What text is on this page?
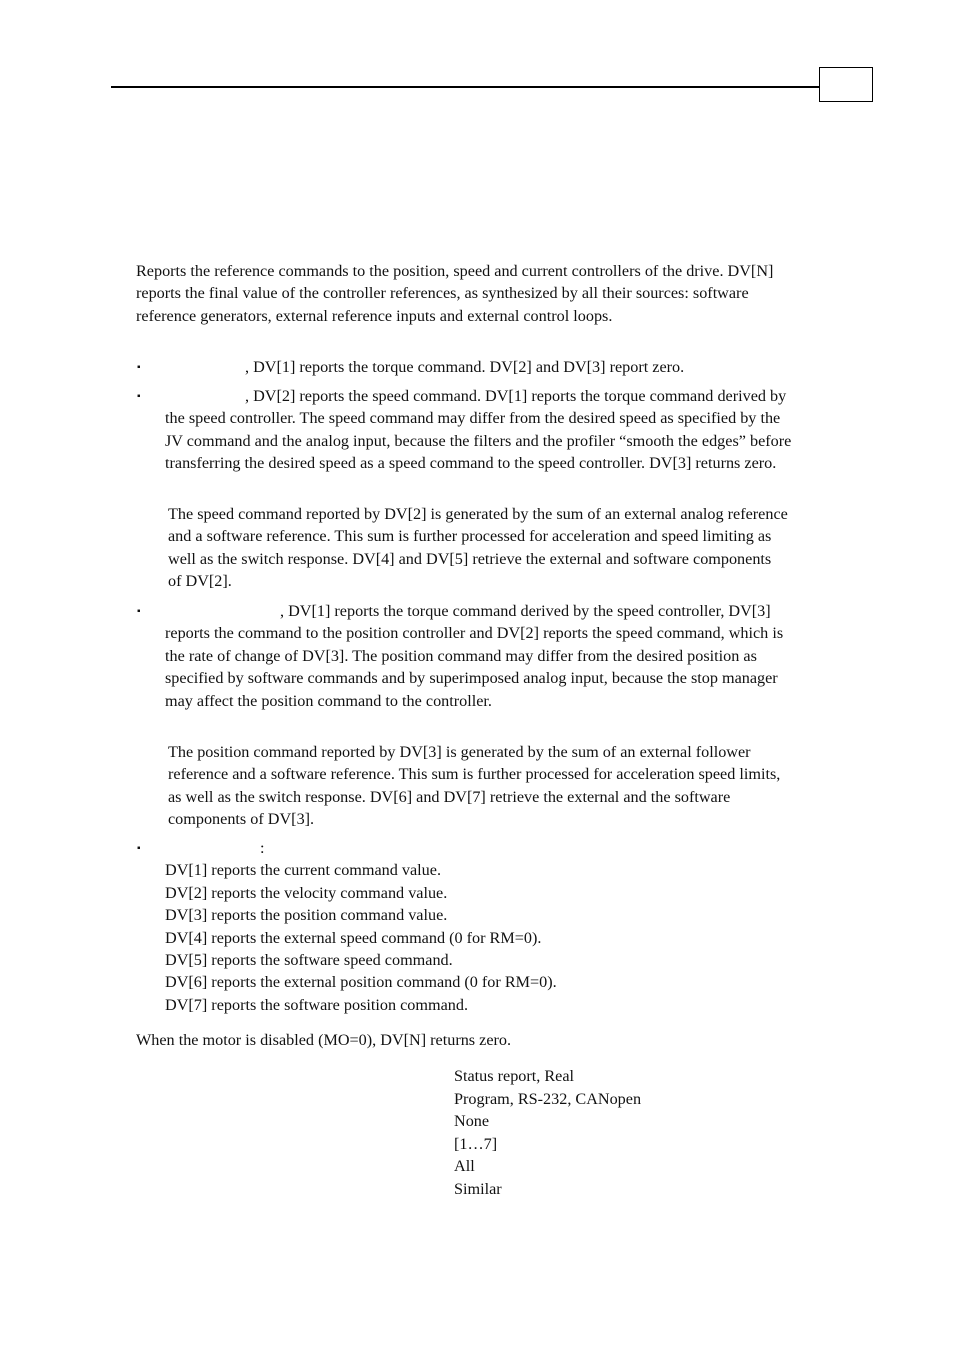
Reports the reference commands to the position, speed and current controllers of the drive. DV[N] reports the final value of the controller references, as synthesized by all their sources: software reference generators, external reference inputs and external control loops.

▪	, DV[1] reports the torque command. DV[2] and DV[3] report zero.

▪	, DV[2] reports the speed command. DV[1] reports the torque command derived by the speed controller. The speed command may differ from the desired speed as specified by the JV command and the analog input, because the filters and the profiler “smooth the edges” before transferring the desired speed as a speed command to the speed controller. DV[3] returns zero.

The speed command reported by DV[2] is generated by the sum of an external analog reference and a software reference. This sum is further processed for acceleration and speed limiting as well as the switch response. DV[4] and DV[5] retrieve the external and software components of DV[2].

▪	, DV[1] reports the torque command derived by the speed controller, DV[3] reports the command to the position controller and DV[2] reports the speed command, which is the rate of change of DV[3]. The position command may differ from the desired position as specified by software commands and by superimposed analog input, because the stop manager may affect the position command to the controller.

The position command reported by DV[3] is generated by the sum of an external follower reference and a software reference. This sum is further processed for acceleration speed limits, as well as the switch response. DV[6] and DV[7] retrieve the external and the software components of DV[3].

▪	:
DV[1] reports the current command value.
DV[2] reports the velocity command value.
DV[3] reports the position command value.
DV[4] reports the external speed command (0 for RM=0).
DV[5] reports the software speed command.
DV[6] reports the external position command (0 for RM=0).
DV[7] reports the software position command.

When the motor is disabled (MO=0), DV[N] returns zero.

Status report, Real
Program, RS-232, CANopen
None
[1…7]
All
Similar
